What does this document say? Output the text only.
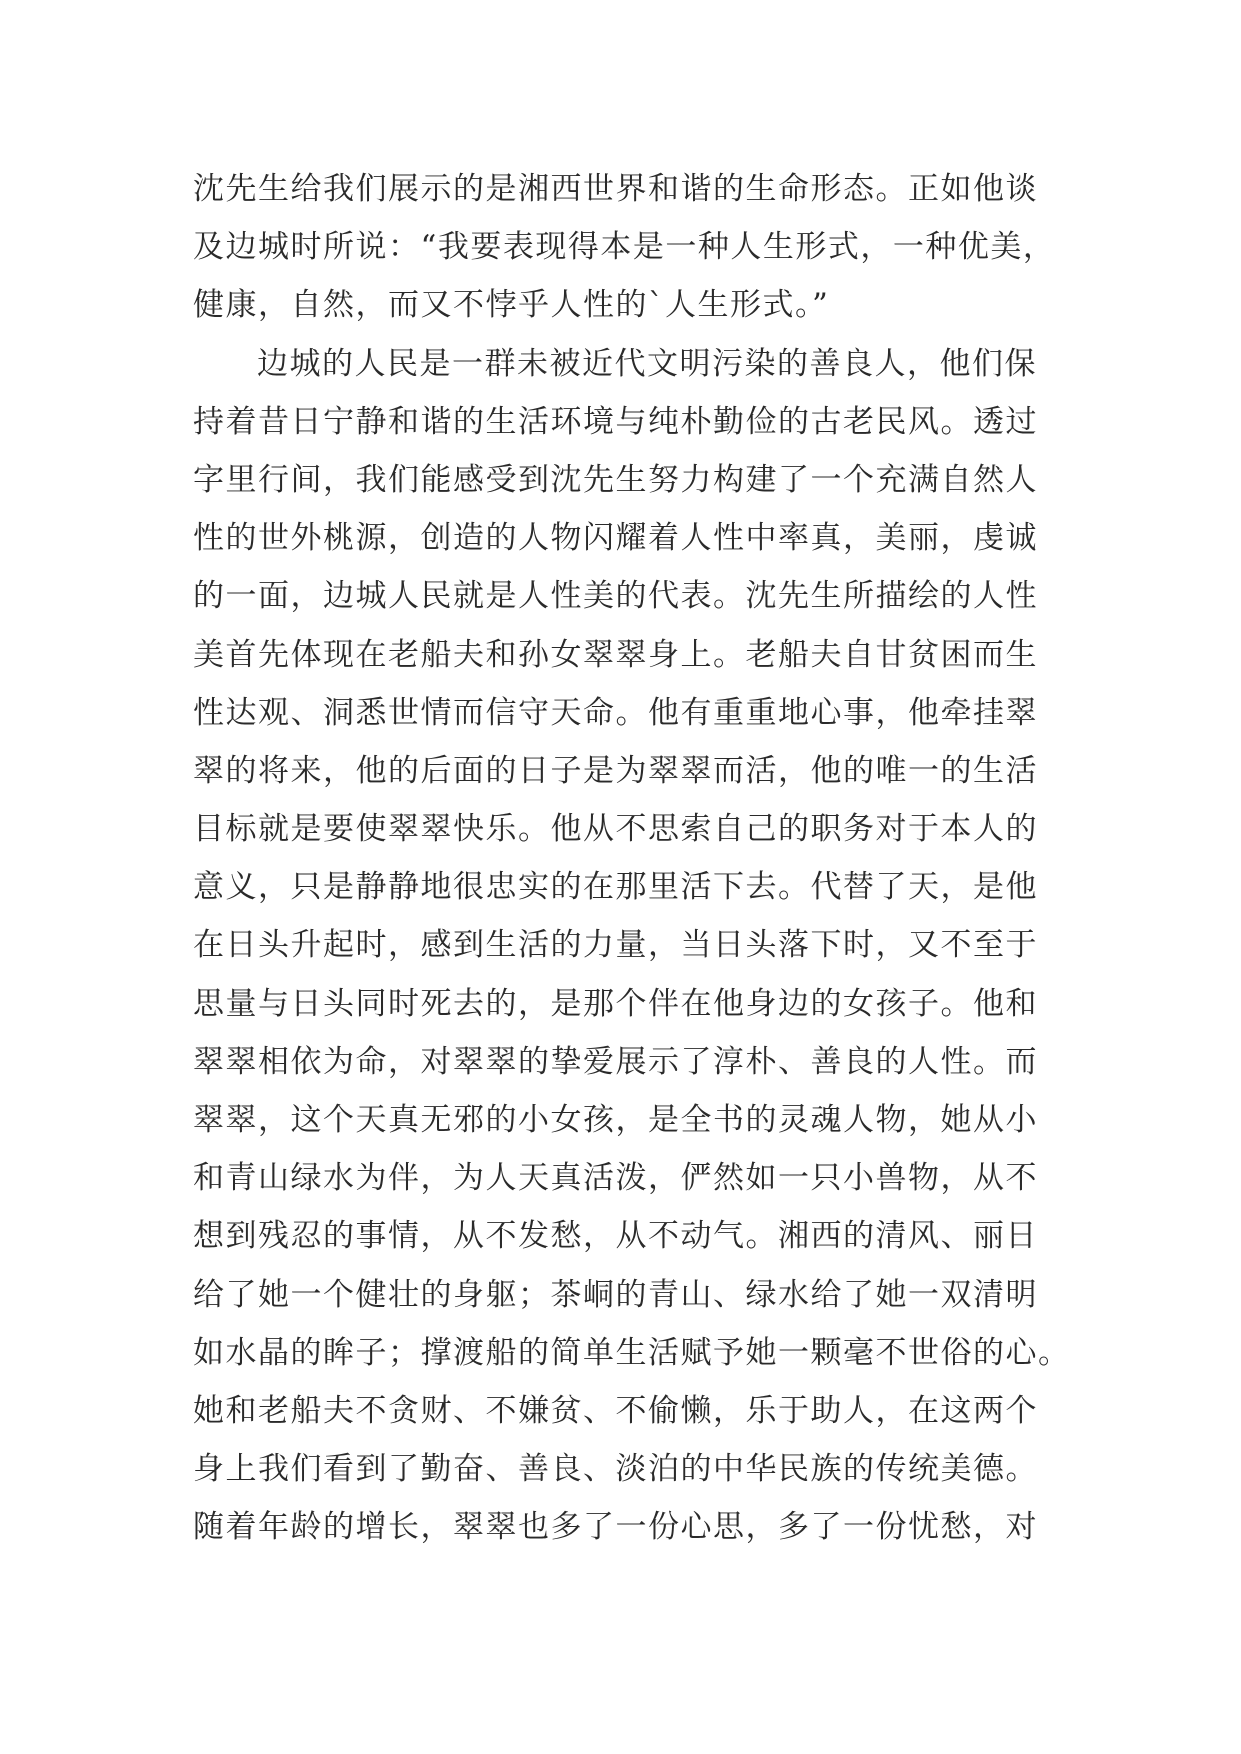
沈先生给我们展示的是湘西世界和谐的生命形态。正如他谈
及边城时所说：“我要表现得本是一种人生形式，一种优美，
健康，自然，而又不悖乎人性的`人生形式。”
边城的人民是一群未被近代文明污染的善良人，他们保
持着昔日宁静和谐的生活环境与纯朴勤俭的古老民风。透过
字里行间，我们能感受到沈先生努力构建了一个充满自然人
性的世外桃源，创造的人物闪耀着人性中率真，美丽，虔诚
的一面，边城人民就是人性美的代表。沈先生所描绘的人性
美首先体现在老船夫和孙女翠翠身上。老船夫自甘贫困而生
性达观、洞悉世情而信守天命。他有重重地心事，他牵挂翠
翠的将来，他的后面的日子是为翠翠而活，他的唯一的生活
目标就是要使翠翠快乐。他从不思索自己的职务对于本人的
意义，只是静静地很忠实的在那里活下去。代替了天，是他
在日头升起时，感到生活的力量，当日头落下时，又不至于
思量与日头同时死去的，是那个伴在他身边的女孩子。他和
翠翠相依为命，对翠翠的挚爱展示了淳朴、善良的人性。而
翠翠，这个天真无邪的小女孩，是全书的灵魂人物，她从小
和青山绿水为伴，为人天真活泼，俨然如一只小兽物，从不
想到残忍的事情，从不发愁，从不动气。湘西的清风、丽日
给了她一个健壮的身躯；茶峒的青山、绿水给了她一双清明
如水晶的眸子；撑渡船的简单生活赋予她一颗毫不世俗的心。
她和老船夫不贪财、不嫌贫、不偷懒，乐于助人，在这两个
身上我们看到了勤奋、善良、淡泊的中华民族的传统美德。
随着年龄的增长，翠翠也多了一份心思，多了一份忧愁，对
